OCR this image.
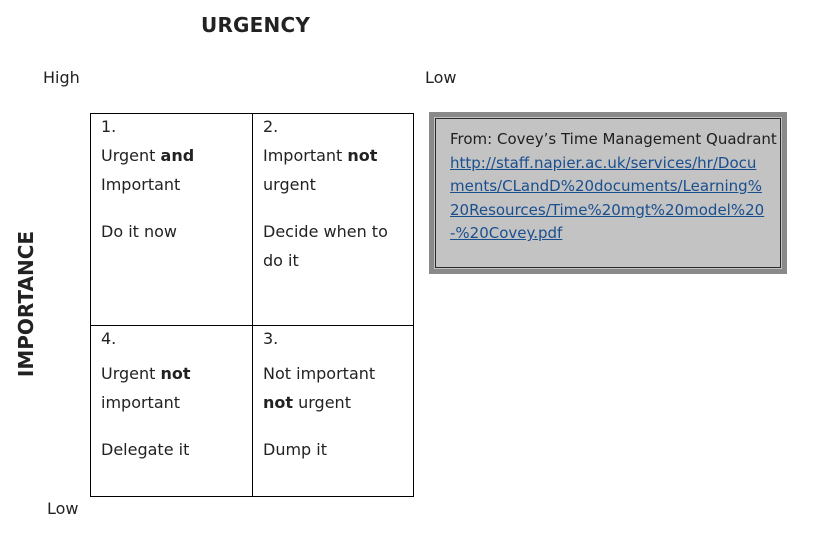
URGENCY
High	Low
IMPORTANCE
Low
1.
Urgent and
Important
Do it now
2.
Important not
urgent
Decide when to
do it
4.
Urgent not
important
Delegate it
3.
Not important
not urgent
Dump it
From: Covey’s Time Management Quadrant
http://staff.napier.ac.uk/services/hr/Documents/CLandD%20documents/Learning%20Resources/Time%20mgt%20model%20-%20Covey.pdf
